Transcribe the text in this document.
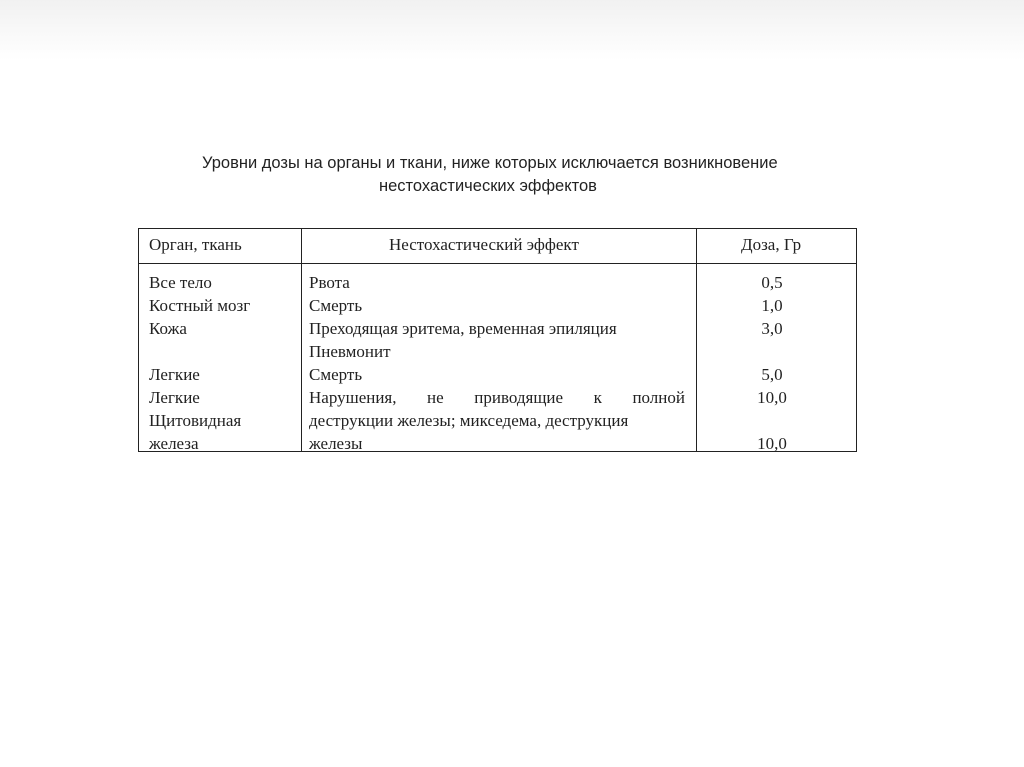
Уровни дозы на органы и ткани, ниже которых исключается возникновение
нестохастических эффектов
Орган, ткань	Нестохастический эффект	Доза, Гр
Все тело
Костный мозг
Кожа
Легкие
Легкие
Щитовидная
железа
Рвота
Смерть
Преходящая эритема, временная эпиляция
Пневмонит
Смерть
Нарушения, не приводящие к полной
деструкции железы; микседема, деструкция
железы
0,5
1,0
3,0
5,0
10,0
10,0
